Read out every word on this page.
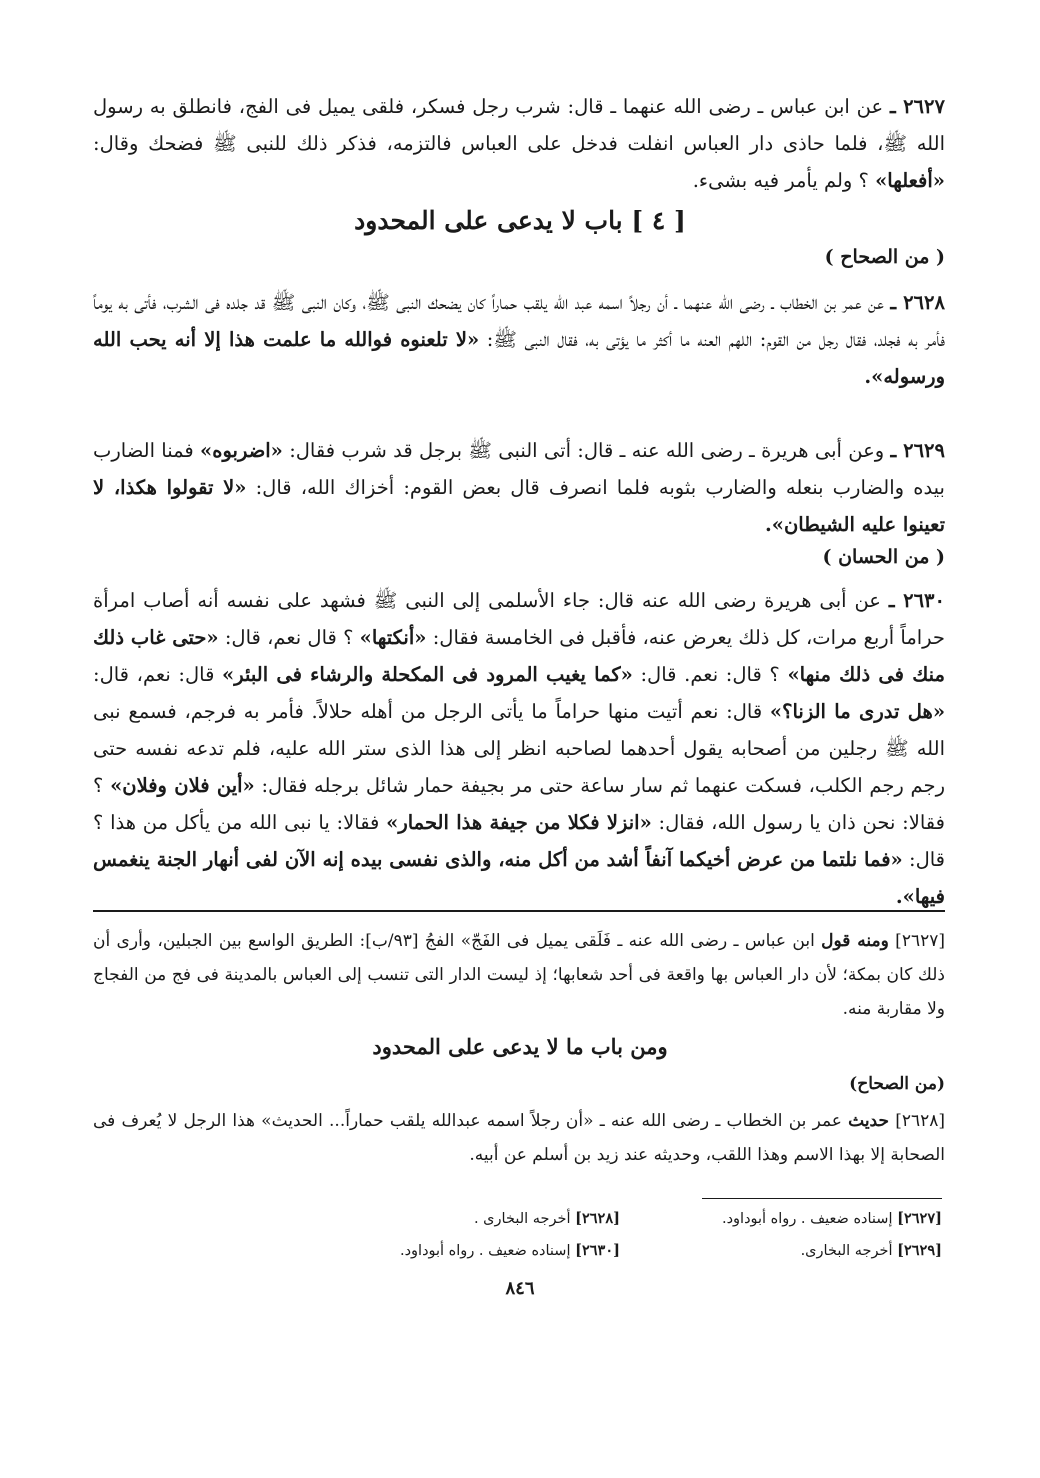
٢٦٢٧ ـ عن ابن عباس ـ رضى الله عنهما ـ قال: شرب رجل فسكر، فلقى يميل فى الفج، فانطلق به رسول الله ﷺ، فلما حاذى دار العباس انفلت فدخل على العباس فالتزمه، فذكر ذلك للنبى ﷺ فضحك وقال: «أفعلها» ؟ ولم يأمر فيه بشىء.

[ ٤ ] باب لا يدعى على المحدود
( من الصحاح )

٢٦٢٨ ـ عن عمر بن الخطاب ـ رضى الله عنهما ـ أن رجلاً اسمه عبد الله يلقب حماراً كان يضحك النبى ﷺ، وكان النبى ﷺ قد جلده فى الشرب، فأتى به يوماً فأمر به فجلد، فقال رجل من القوم: اللهم العنه ما أكثر ما يؤتى به، فقال النبى ﷺ: «لا تلعنوه فوالله ما علمت هذا إلا أنه يحب الله ورسوله».

٢٦٢٩ ـ وعن أبى هريرة ـ رضى الله عنه ـ قال: أتى النبى ﷺ برجل قد شرب فقال: «اضربوه» فمنا الضارب بيده والضارب بنعله والضارب بثوبه فلما انصرف قال بعض القوم: أخزاك الله، قال: «لا تقولوا هكذا، لا تعينوا عليه الشيطان».

( من الحسان )

٢٦٣٠ ـ عن أبى هريرة رضى الله عنه قال: جاء الأسلمى إلى النبى ﷺ فشهد على نفسه أنه أصاب امرأة حراماً أربع مرات، كل ذلك يعرض عنه، فأقبل فى الخامسة فقال: «أنكتها» ؟ قال نعم، قال: «حتى غاب ذلك منك فى ذلك منها» ؟ قال: نعم. قال: «كما يغيب المرود فى المكحلة والرشاء فى البئر» قال: نعم، قال: «هل تدرى ما الزنا؟» قال: نعم أتيت منها حراماً ما يأتى الرجل من أهله حلالاً. فأمر به فرجم، فسمع نبى الله ﷺ رجلين من أصحابه يقول أحدهما لصاحبه انظر إلى هذا الذى ستر الله عليه، فلم تدعه نفسه حتى رجم رجم الكلب، فسكت عنهما ثم سار ساعة حتى مر بجيفة حمار شائل برجله فقال: «أين فلان وفلان» ؟ فقالا: نحن ذان يا رسول الله، فقال: «انزلا فكلا من جيفة هذا الحمار» فقالا: يا نبى الله من يأكل من هذا ؟ قال: «فما نلتما من عرض أخيكما آنفاً أشد من أكل منه، والذى نفسى بيده إنه الآن لفى أنهار الجنة ينغمس فيها».

[٢٦٢٧] ومنه قول ابن عباس ـ رضى الله عنه ـ فَلَقى يميل فى الفَجّ» الفجُ [٩٣/ب]: الطريق الواسع بين الجبلين، وأرى أن ذلك كان بمكة؛ لأن دار العباس بها واقعة فى أحد شعابها؛ إذ ليست الدار التى تنسب إلى العباس بالمدينة فى فج من الفجاج ولا مقاربة منه.

ومن باب ما لا يدعى على المحدود
(من الصحاح)

[٢٦٢٨] حديث عمر بن الخطاب ـ رضى الله عنه ـ «أن رجلاً اسمه عبدالله يلقب حماراً... الحديث» هذا الرجل لا يُعرف فى الصحابة إلا بهذا الاسم وهذا اللقب، وحديثه عند زيد بن أسلم عن أبيه.

[٢٦٢٧] إسناده ضعيف . رواه أبوداود.
[٢٦٢٨] أخرجه البخارى .
[٢٦٢٩] أخرجه البخارى.
[٢٦٣٠] إسناده ضعيف . رواه أبوداود.
٨٤٦
